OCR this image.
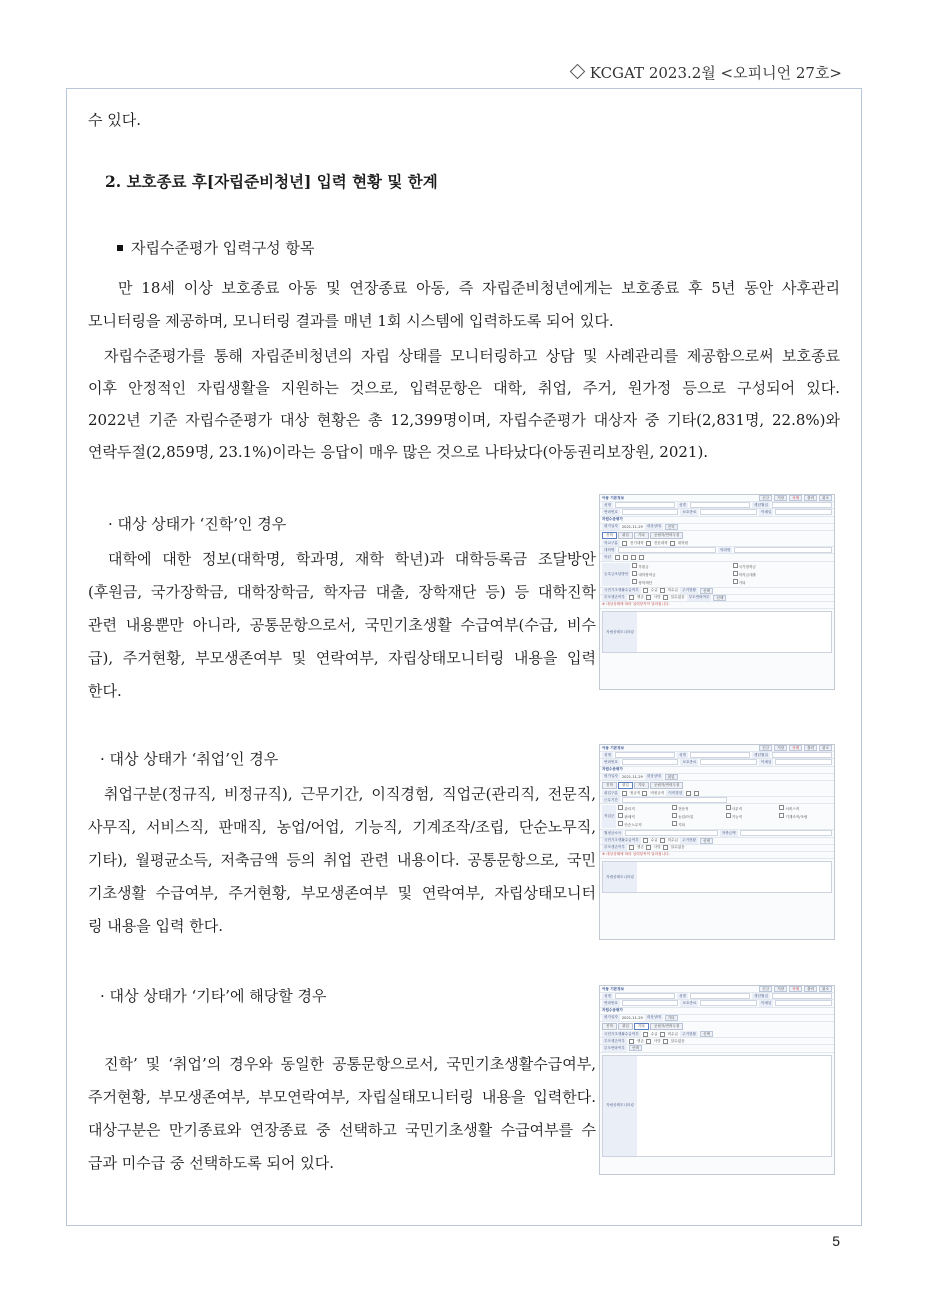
KCGAT 2023.2월 <오피니언 27호>
수 있다.
2. 보호종료 후[자립준비청년] 입력 현황 및 한계
자립수준평가 입력구성 항목
만 18세 이상 보호종료 아동 및 연장종료 아동, 즉 자립준비청년에게는 보호종료 후 5년 동안 사후관리
모니터링을 제공하며, 모니터링 결과를 매년 1회 시스템에 입력하도록 되어 있다.
자립수준평가를 통해 자립준비청년의 자립 상태를 모니터링하고 상담 및 사례관리를 제공함으로써 보호종료
이후 안정적인 자립생활을 지원하는 것으로, 입력문항은 대학, 취업, 주거, 원가정 등으로 구성되어 있다.
2022년 기준 자립수준평가 대상 현황은 총 12,399명이며, 자립수준평가 대상자 중 기타(2,831명, 22.8%)와
연락두절(2,859명, 23.1%)이라는 응답이 매우 많은 것으로 나타났다(아동권리보장원, 2021).
· 대상 상태가 ‘진학’인 경우
대학에 대한 정보(대학명, 학과명, 재학 학년)과 대학등록금 조달방안
(후원금, 국가장학금, 대학장학금, 학자금 대출, 장학재단 등) 등 대학진학
관련 내용뿐만 아니라, 공통문항으로서, 국민기초생활 수급여부(수급, 비수
급), 주거현황, 부모생존여부 및 연락여부, 자립상태모니터링 내용을 입력
한다.
· 대상 상태가 ‘취업’인 경우
취업구분(정규직, 비정규직), 근무기간, 이직경험, 직업군(관리직, 전문직,
사무직, 서비스직, 판매직, 농업/어업, 기능직, 기계조작/조립, 단순노무직,
기타), 월평균소득, 저축금액 등의 취업 관련 내용이다. 공통문항으로, 국민
기초생활 수급여부, 주거현황, 부모생존여부 및 연락여부, 자립상태모니터
링 내용을 입력 한다.
· 대상 상태가 ‘기타’에 해당할 경우
진학’ 및 ‘취업’의 경우와 동일한 공통문항으로서, 국민기초생활수급여부,
주거현황, 부모생존여부, 부모연락여부, 자립실태모니터링 내용을 입력한다.
대상구분은 만기종료와 연장종료 중 선택하고 국민기초생활 수급여부를 수
급과 미수급 중 선택하도록 되어 있다.
아동 기본정보	신규	저장	삭제	출력	취소
성명	성별	생년월일
연락번호	보호종료	이메일
자립수준평가
평가일자	2021-11-29	대상상태	진학
진학	취업	기타	공립자/연락두절
학교구분	전기대학	전문대학	대학원
대학명	학과명
학년
등록금조달방안
후원금	국가장학금
대학장학금	학자금대출
장학재단	기타
국민기초생활수급여부	수급	미수급	주거현황	선택
부모생존여부	생존	사망	알수없음	부모연락여부	선택
※ 대상상태에 따라 입력항목이 달라집니다.
자립상태모니터링
아동 기본정보	신규	저장	삭제	출력	취소
성명	성별	생년월일
연락번호	보호종료	이메일
자립수준평가
평가일자	2021-11-29	대상상태	취업
진학	취업	기타	공립자/연락두절
취업구분	정규직	비정규직	이직경험
근무기간
직업군
관리직	전문직	사무직	서비스직
판매직	농업/어업	기능직	기계조작/조립
단순노무직	기타
월평균소득	저축금액
국민기초생활수급여부	수급	미수급	주거현황	선택
부모생존여부	생존	사망	알수없음
※ 대상상태에 따라 입력항목이 달라집니다.
자립상태모니터링
아동 기본정보	신규	저장	삭제	출력	취소
성명	성별	생년월일
연락번호	보호종료	이메일
자립수준평가
평가일자	2021-11-29	대상상태	기타
진학	취업	기타	공립자/연락두절
국민기초생활수급여부	수급	미수급	주거현황	선택
부모생존여부	생존	사망	알수없음
부모연락여부	선택
자립상태모니터링
5
